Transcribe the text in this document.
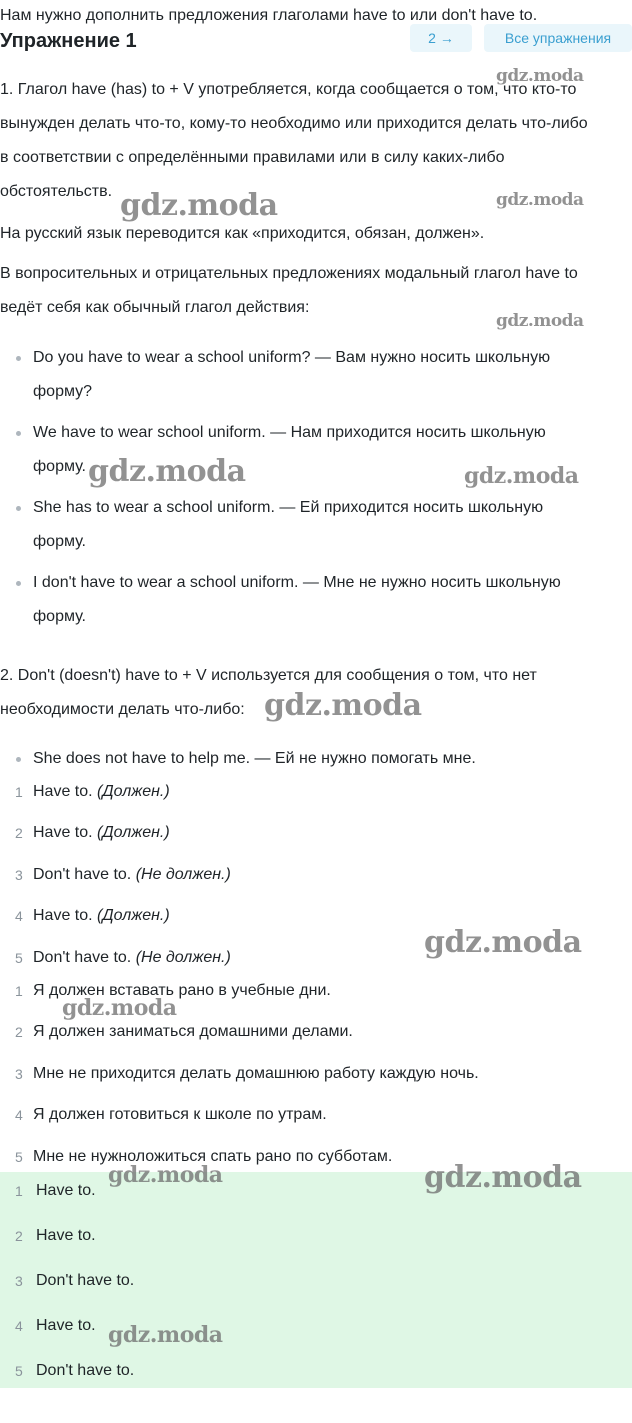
Нам нужно дополнить предложения глаголами have to или don't have to.
Упражнение 1	2 →	Все упражнения
1. Глагол have (has) to + V употребляется, когда сообщается о том, что кто-то
вынужден делать что-то, кому-то необходимо или приходится делать что-либо
в соответствии с определёнными правилами или в силу каких-либо
обстоятельств.
На русский язык переводится как «приходится, обязан, должен».
В вопросительных и отрицательных предложениях модальный глагол have to
ведёт себя как обычный глагол действия:
Do you have to wear a school uniform? — Вам нужно носить школьную
форму?
We have to wear school uniform. — Нам приходится носить школьную
форму.
She has to wear a school uniform. — Ей приходится носить школьную
форму.
I don't have to wear a school uniform. — Мне не нужно носить школьную
форму.
2. Don't (doesn't) have to + V используется для сообщения о том, что нет
необходимости делать что-либо:
She does not have to help me. — Ей не нужно помогать мне.
1 Have to. (Должен.)
2 Have to. (Должен.)
3 Don't have to. (Не должен.)
4 Have to. (Должен.)
5 Don't have to. (Не должен.)
1 Я должен вставать рано в учебные дни.
2 Я должен заниматься домашними делами.
3 Мне не приходится делать домашнюю работу каждую ночь.
4 Я должен готовиться к школе по утрам.
5 Мне не нужноложиться спать рано по субботам.
1 Have to.
2 Have to.
3 Don't have to.
4 Have to.
5 Don't have to.
gdz.moda
gdz.moda	gdz.moda
gdz.moda
gdz.moda	gdz.moda
gdz.moda
gdz.moda
gdz.moda
gdz.moda	gdz.moda
gdz.moda
